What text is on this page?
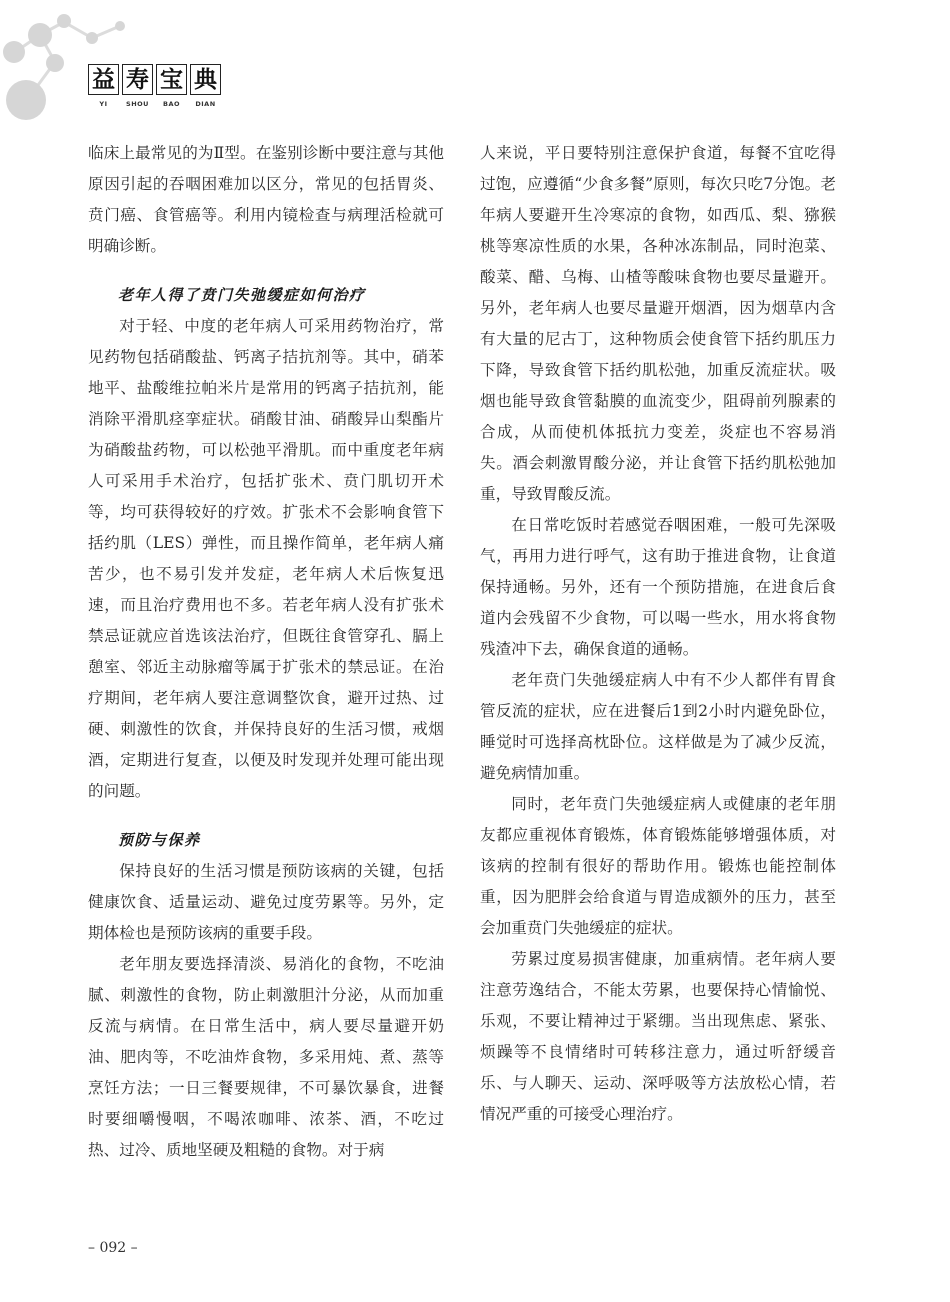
益 寿 宝 典
YI	SHOU	BAO	DIAN

临床上最常见的为Ⅱ型。在鉴别诊断中要注意与其他原因引起的吞咽困难加以区分，常见的包括胃炎、贲门癌、食管癌等。利用内镜检查与病理活检就可明确诊断。

老年人得了贲门失弛缓症如何治疗

对于轻、中度的老年病人可采用药物治疗，常见药物包括硝酸盐、钙离子拮抗剂等。其中，硝苯地平、盐酸维拉帕米片是常用的钙离子拮抗剂，能消除平滑肌痉挛症状。硝酸甘油、硝酸异山梨酯片为硝酸盐药物，可以松弛平滑肌。而中重度老年病人可采用手术治疗，包括扩张术、贲门肌切开术等，均可获得较好的疗效。扩张术不会影响食管下括约肌（LES）弹性，而且操作简单，老年病人痛苦少，也不易引发并发症，老年病人术后恢复迅速，而且治疗费用也不多。若老年病人没有扩张术禁忌证就应首选该法治疗，但既往食管穿孔、膈上憩室、邻近主动脉瘤等属于扩张术的禁忌证。在治疗期间，老年病人要注意调整饮食，避开过热、过硬、刺激性的饮食，并保持良好的生活习惯，戒烟酒，定期进行复查，以便及时发现并处理可能出现的问题。

预防与保养

保持良好的生活习惯是预防该病的关键，包括健康饮食、适量运动、避免过度劳累等。另外，定期体检也是预防该病的重要手段。

老年朋友要选择清淡、易消化的食物，不吃油腻、刺激性的食物，防止刺激胆汁分泌，从而加重反流与病情。在日常生活中，病人要尽量避开奶油、肥肉等，不吃油炸食物，多采用炖、煮、蒸等烹饪方法；一日三餐要规律，不可暴饮暴食，进餐时要细嚼慢咽，不喝浓咖啡、浓茶、酒，不吃过热、过冷、质地坚硬及粗糙的食物。对于病

人来说，平日要特别注意保护食道，每餐不宜吃得过饱，应遵循“少食多餐”原则，每次只吃7分饱。老年病人要避开生冷寒凉的食物，如西瓜、梨、猕猴桃等寒凉性质的水果，各种冰冻制品，同时泡菜、酸菜、醋、乌梅、山楂等酸味食物也要尽量避开。另外，老年病人也要尽量避开烟酒，因为烟草内含有大量的尼古丁，这种物质会使食管下括约肌压力下降，导致食管下括约肌松弛，加重反流症状。吸烟也能导致食管黏膜的血流变少，阻碍前列腺素的合成，从而使机体抵抗力变差，炎症也不容易消失。酒会刺激胃酸分泌，并让食管下括约肌松弛加重，导致胃酸反流。

在日常吃饭时若感觉吞咽困难，一般可先深吸气，再用力进行呼气，这有助于推进食物，让食道保持通畅。另外，还有一个预防措施，在进食后食道内会残留不少食物，可以喝一些水，用水将食物残渣冲下去，确保食道的通畅。

老年贲门失弛缓症病人中有不少人都伴有胃食管反流的症状，应在进餐后1到2小时内避免卧位，睡觉时可选择高枕卧位。这样做是为了减少反流，避免病情加重。

同时，老年贲门失弛缓症病人或健康的老年朋友都应重视体育锻炼，体育锻炼能够增强体质，对该病的控制有很好的帮助作用。锻炼也能控制体重，因为肥胖会给食道与胃造成额外的压力，甚至会加重贲门失弛缓症的症状。

劳累过度易损害健康，加重病情。老年病人要注意劳逸结合，不能太劳累，也要保持心情愉悦、乐观，不要让精神过于紧绷。当出现焦虑、紧张、烦躁等不良情绪时可转移注意力，通过听舒缓音乐、与人聊天、运动、深呼吸等方法放松心情，若情况严重的可接受心理治疗。

– 092 –
